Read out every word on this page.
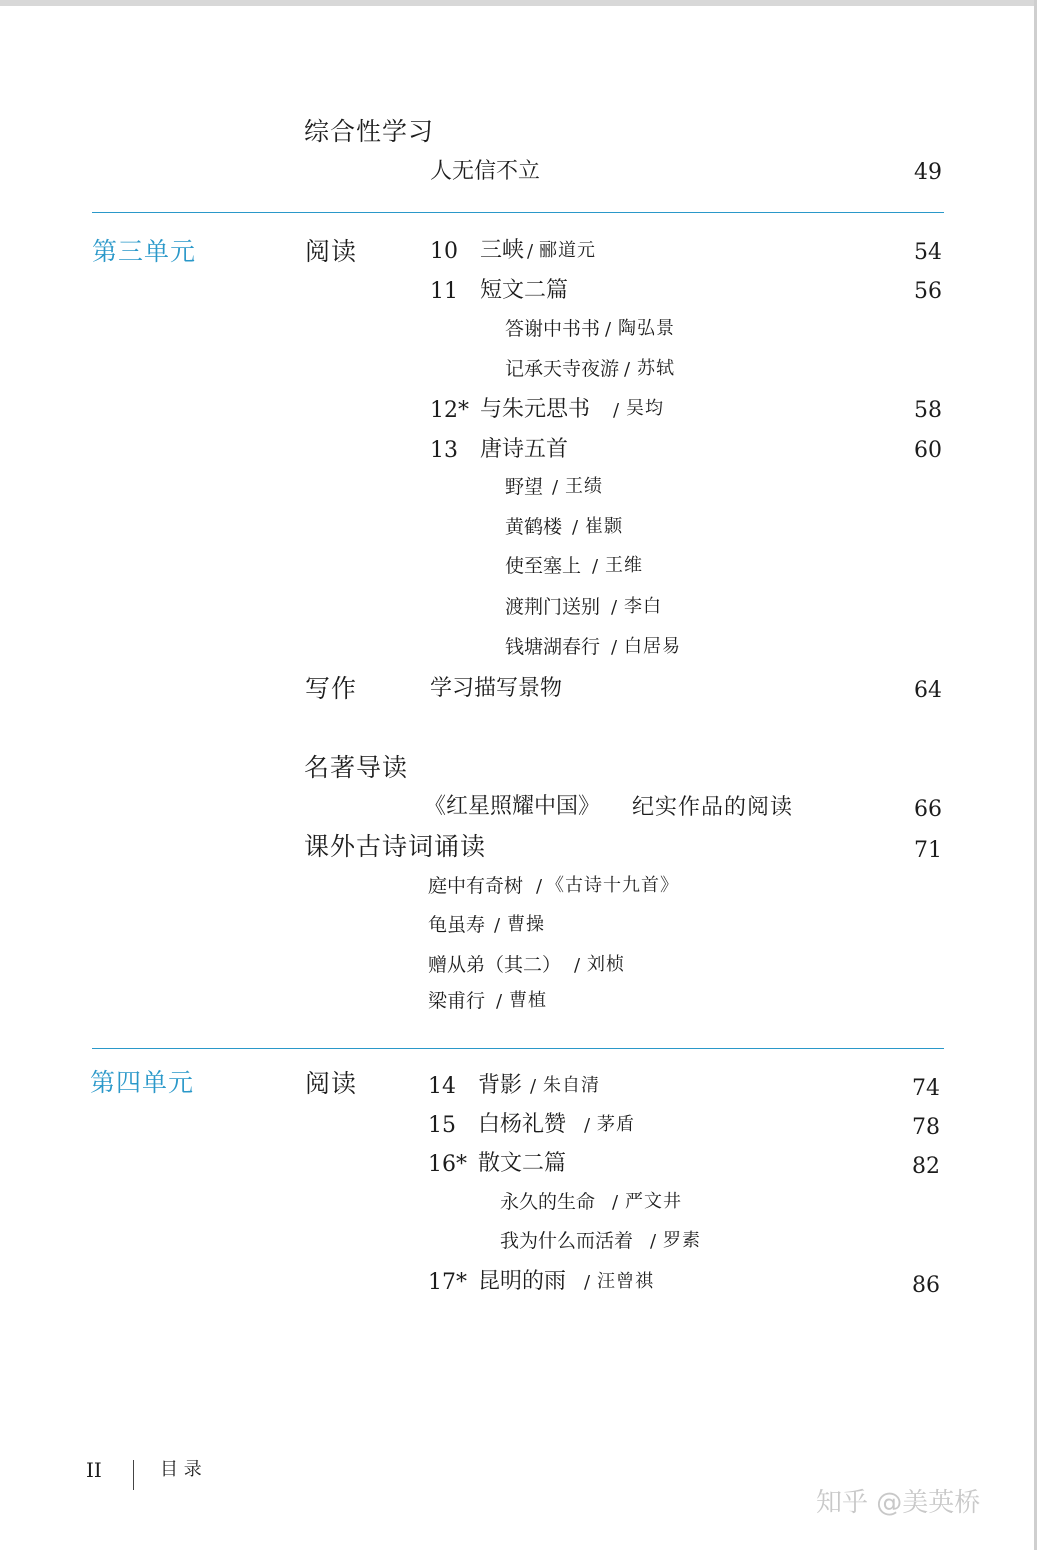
综合性学习
人无信不立	49
第三单元	阅读	10 三峡 / 郦道元	54
11 短文二篇	56
答谢中书书 / 陶弘景
记承天寺夜游 / 苏轼
12* 与朱元思书 / 吴均	58
13 唐诗五首	60
野望 / 王绩
黄鹤楼 / 崔颢
使至塞上 / 王维
渡荆门送别 / 李白
钱塘湖春行 / 白居易
写作	学习描写景物	64
名著导读
《红星照耀中国》 纪实作品的阅读	66
课外古诗词诵读	71
庭中有奇树 / 《古诗十九首》
龟虽寿 / 曹操
赠从弟（其二） / 刘桢
梁甫行 / 曹植
第四单元	阅读	14 背影 / 朱自清	74
15 白杨礼赞 / 茅盾	78
16* 散文二篇	82
永久的生命 / 严文井
我为什么而活着 / 罗素
17* 昆明的雨 / 汪曾祺	86
II	目 录
知乎 @美英桥
